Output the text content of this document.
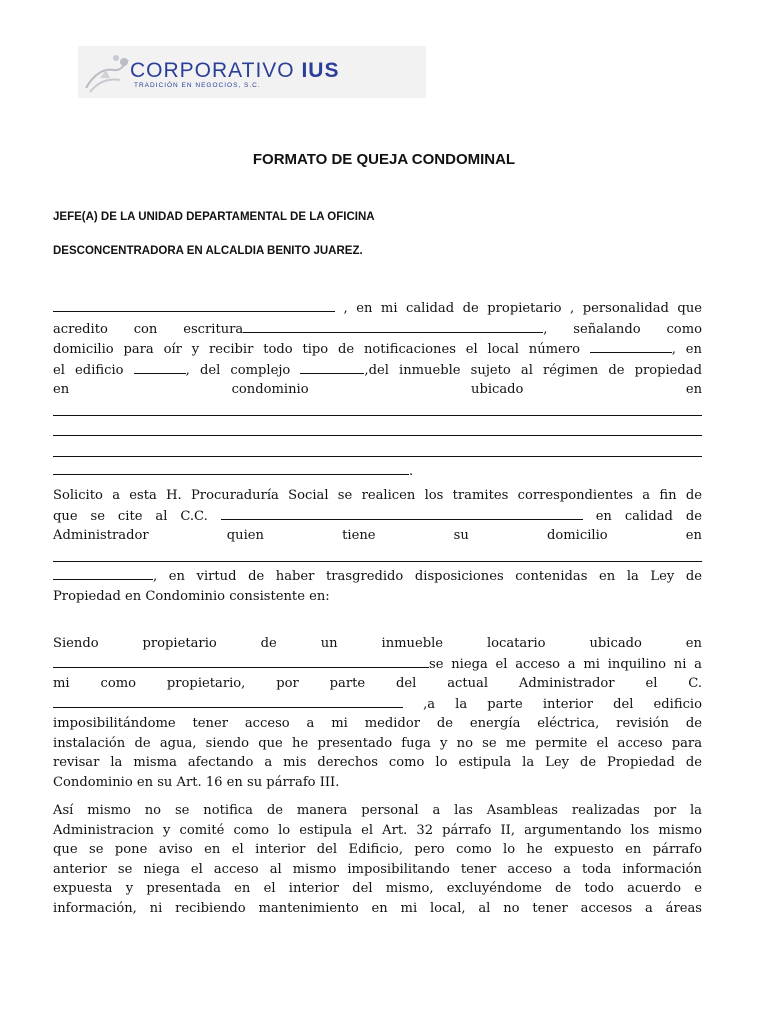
CORPORATIVO IUS
TRADICIÓN EN NEGOCIOS, S.C.
FORMATO DE QUEJA CONDOMINAL
JEFE(A) DE LA UNIDAD DEPARTAMENTAL DE LA OFICINA
DESCONCENTRADORA EN ALCALDIA BENITO JUAREZ.
, en mi calidad de propietario , personalidad que
acredito con escritura	, señalando como
domicilio para oír y recibir todo tipo de notificaciones el local número	, en
el edificio	, del complejo	,del inmueble sujeto al régimen de propiedad
en condominio ubicado en
.
Solicito a esta H. Procuraduría Social se realicen los tramites correspondientes a fin de
que se cite al C.C.	en calidad de
Administrador quien tiene su domicilio en
, en virtud de haber trasgredido disposiciones contenidas en la Ley de
Propiedad en Condominio consistente en:
Siendo propietario de un inmueble locatario ubicado en
se niega el acceso a mi inquilino ni a
mi como propietario, por parte del actual Administrador el C.
,a la parte interior del edificio
imposibilitándome tener acceso a mi medidor de energía eléctrica, revisión de
instalación de agua, siendo que he presentado fuga y no se me permite el acceso para
revisar la misma afectando a mis derechos como lo estipula la Ley de Propiedad de
Condominio en su Art. 16 en su párrafo III.
Así mismo no se notifica de manera personal a las Asambleas realizadas por la
Administracion y comité como lo estipula el Art. 32 párrafo II, argumentando los mismo
que se pone aviso en el interior del Edificio, pero como lo he expuesto en párrafo
anterior se niega el acceso al mismo imposibilitando tener acceso a toda información
expuesta y presentada en el interior del mismo, excluyéndome de todo acuerdo e
información, ni recibiendo mantenimiento en mi local, al no tener accesos a áreas
